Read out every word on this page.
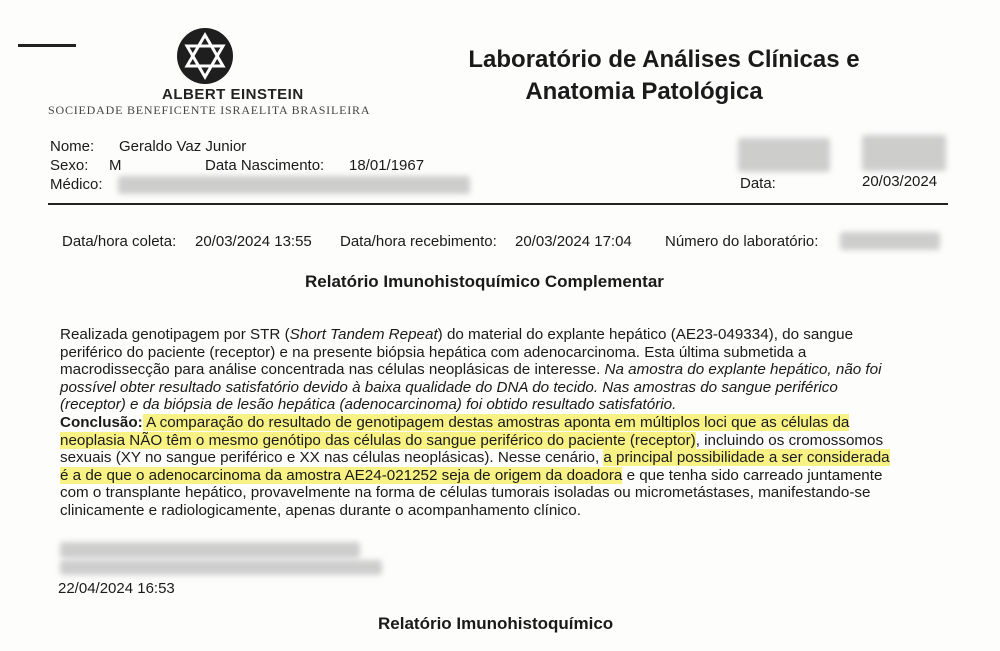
ALBERT EINSTEIN
SOCIEDADE BENEFICENTE ISRAELITA BRASILEIRA
Laboratório de Análises Clínicas e
Anatomia Patológica
Nome: Geraldo Vaz Junior
Sexo: M	Data Nascimento: 18/01/1967
Médico:	Data:	20/03/2024
Data/hora coleta: 20/03/2024 13:55 Data/hora recebimento: 20/03/2024 17:04 Número do laboratório:
Relatório Imunohistoquímico Complementar
Realizada genotipagem por STR (Short Tandem Repeat) do material do explante hepático (AE23-049334), do sangue
periférico do paciente (receptor) e na presente biópsia hepática com adenocarcinoma. Esta última submetida a
macrodissecção para análise concentrada nas células neoplásicas de interesse. Na amostra do explante hepático, não foi
possível obter resultado satisfatório devido à baixa qualidade do DNA do tecido. Nas amostras do sangue periférico
(receptor) e da biópsia de lesão hepática (adenocarcinoma) foi obtido resultado satisfatório.
Conclusão: A comparação do resultado de genotipagem destas amostras aponta em múltiplos loci que as células da
neoplasia NÃO têm o mesmo genótipo das células do sangue periférico do paciente (receptor), incluindo os cromossomos
sexuais (XY no sangue periférico e XX nas células neoplásicas). Nesse cenário, a principal possibilidade a ser considerada
é a de que o adenocarcinoma da amostra AE24-021252 seja de origem da doadora e que tenha sido carreado juntamente
com o transplante hepático, provavelmente na forma de células tumorais isoladas ou micrometástases, manifestando-se
clinicamente e radiologicamente, apenas durante o acompanhamento clínico.
22/04/2024 16:53
Relatório Imunohistoquímico
